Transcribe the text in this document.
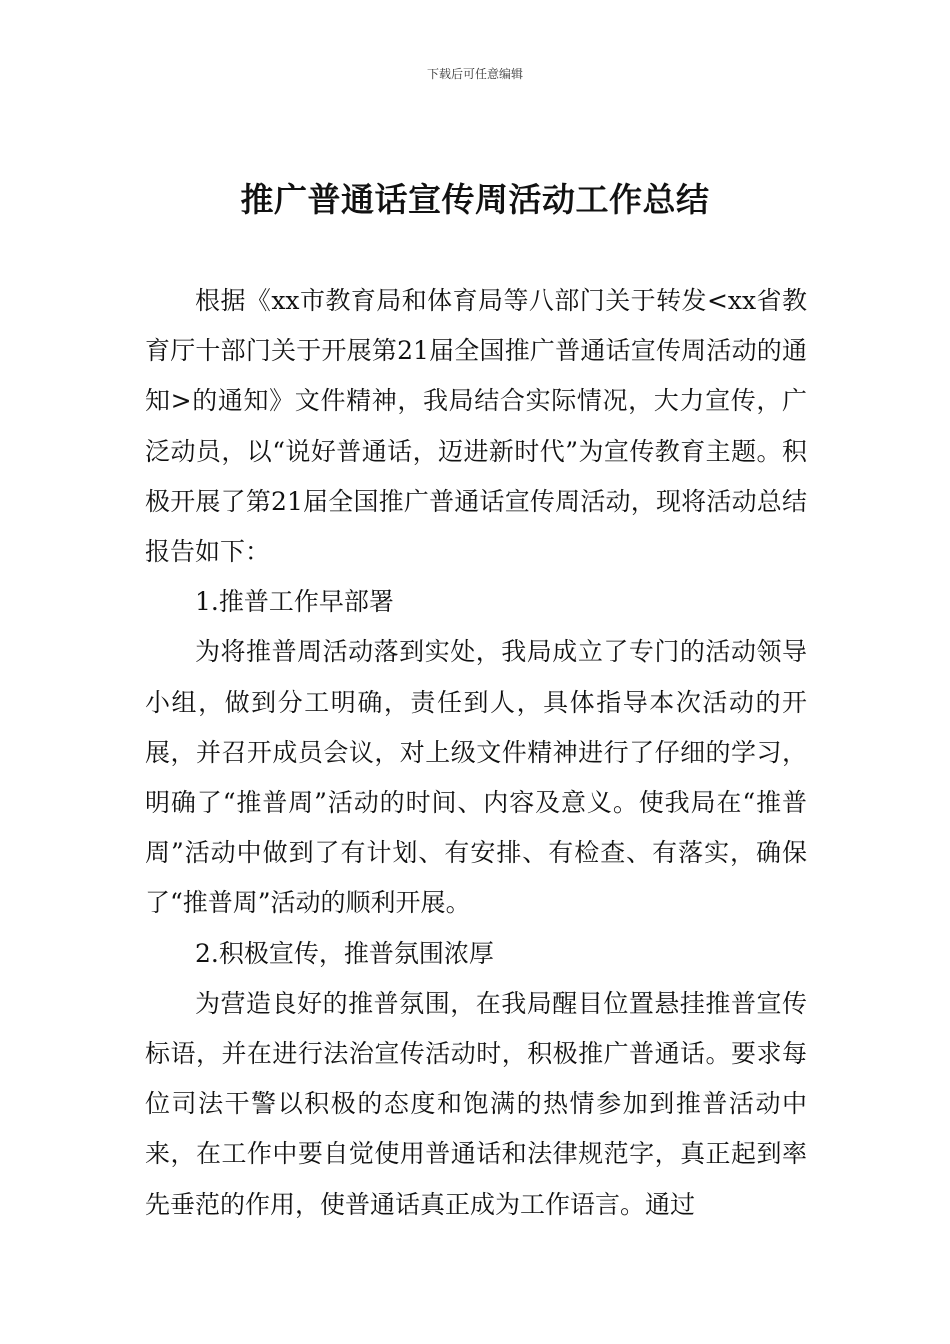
下载后可任意编辑
推广普通话宣传周活动工作总结

根据《xx市教育局和体育局等八部门关于转发<xx省教育厅十部门关于开展第21届全国推广普通话宣传周活动的通知>的通知》文件精神，我局结合实际情况，大力宣传，广泛动员，以“说好普通话，迈进新时代”为宣传教育主题。积极开展了第21届全国推广普通话宣传周活动，现将活动总结报告如下：

1.推普工作早部署

为将推普周活动落到实处，我局成立了专门的活动领导小组，做到分工明确，责任到人，具体指导本次活动的开展，并召开成员会议，对上级文件精神进行了仔细的学习，明确了“推普周”活动的时间、内容及意义。使我局在“推普周”活动中做到了有计划、有安排、有检查、有落实，确保了“推普周”活动的顺利开展。

2.积极宣传，推普氛围浓厚

为营造良好的推普氛围，在我局醒目位置悬挂推普宣传标语，并在进行法治宣传活动时，积极推广普通话。要求每位司法干警以积极的态度和饱满的热情参加到推普活动中来，在工作中要自觉使用普通话和法律规范字，真正起到率先垂范的作用，使普通话真正成为工作语言。通过
